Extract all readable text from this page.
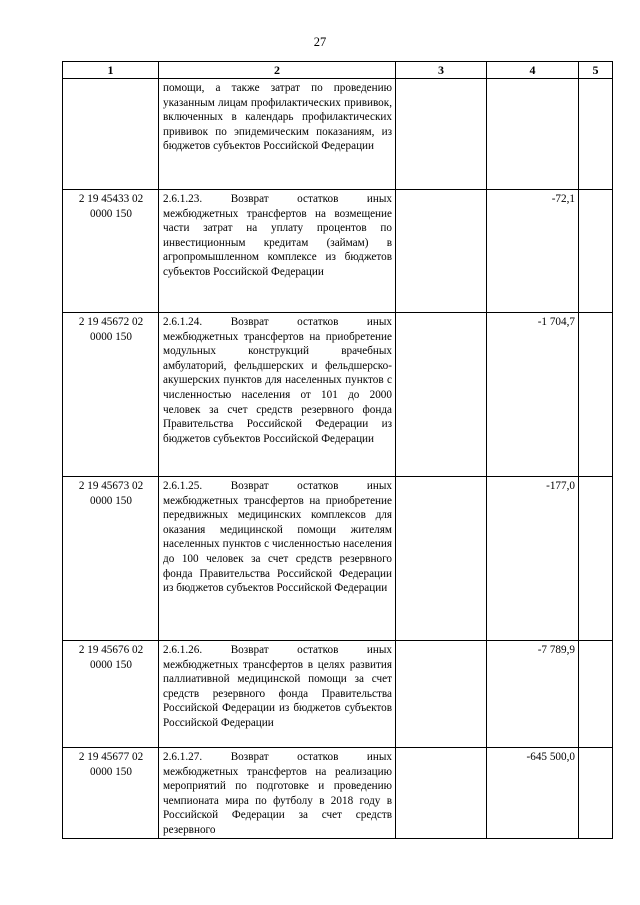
27
1	2	3	4	5
	помощи, а также затрат по проведению указанным лицам профилактических прививок, включенных в календарь профилактических прививок по эпидемическим показаниям, из бюджетов субъектов Российской Федерации			
2 19 45433 02 0000 150	2.6.1.23. Возврат остатков иных межбюджетных трансфертов на возмещение части затрат на уплату процентов по инвестиционным кредитам (займам) в агропромышленном комплексе из бюджетов субъектов Российской Федерации		-72,1	
2 19 45672 02 0000 150	2.6.1.24. Возврат остатков иных межбюджетных трансфертов на приобретение модульных конструкций врачебных амбулаторий, фельдшерских и фельдшерско-акушерских пунктов для населенных пунктов с численностью населения от 101 до 2000 человек за счет средств резервного фонда Правительства Российской Федерации из бюджетов субъектов Российской Федерации		-1 704,7	
2 19 45673 02 0000 150	2.6.1.25. Возврат остатков иных межбюджетных трансфертов на приобретение передвижных медицинских комплексов для оказания медицинской помощи жителям населенных пунктов с численностью населения до 100 человек за счет средств резервного фонда Правительства Российской Федерации из бюджетов субъектов Российской Федерации		-177,0	
2 19 45676 02 0000 150	2.6.1.26. Возврат остатков иных межбюджетных трансфертов в целях развития паллиативной медицинской помощи за счет средств резервного фонда Правительства Российской Федерации из бюджетов субъектов Российской Федерации		-7 789,9	
2 19 45677 02 0000 150	2.6.1.27. Возврат остатков иных межбюджетных трансфертов на реализацию мероприятий по подготовке и проведению чемпионата мира по футболу в 2018 году в Российской Федерации за счет средств резервного		-645 500,0	
